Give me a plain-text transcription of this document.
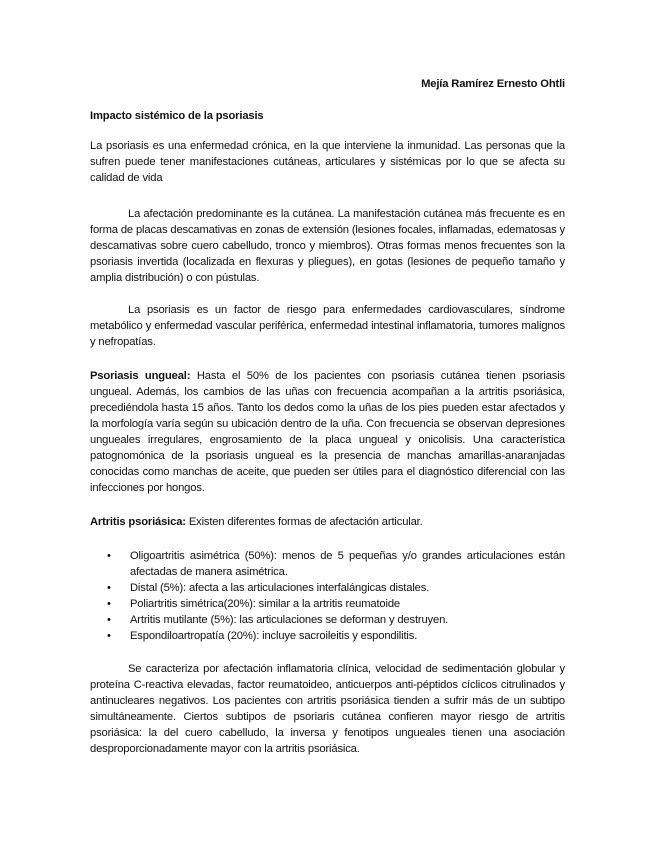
Mejía Ramírez Ernesto Ohtli

Impacto sistémico de la psoriasis

La psoriasis es una enfermedad crónica, en la que interviene la inmunidad. Las personas que la sufren puede tener manifestaciones cutáneas, articulares y sistémicas por lo que se afecta su calidad de vida

La afectación predominante es la cutánea. La manifestación cutánea más frecuente es en forma de placas descamativas en zonas de extensión (lesiones focales, inflamadas, edematosas y descamativas sobre cuero cabelludo, tronco y miembros). Otras formas menos frecuentes son la psoriasis invertida (localizada en flexuras y pliegues), en gotas (lesiones de pequeño tamaño y amplia distribución) o con pústulas.

La psoriasis es un factor de riesgo para enfermedades cardiovasculares, síndrome metabólico y enfermedad vascular periférica, enfermedad intestinal inflamatoria, tumores malignos y nefropatías.

Psoriasis ungueal: Hasta el 50% de los pacientes con psoriasis cutánea tienen psoriasis ungueal. Además, los cambios de las uñas con frecuencia acompañan a la artritis psoriásica, precediéndola hasta 15 años. Tanto los dedos como la uñas de los pies pueden estar afectados y la morfología varía según su ubicación dentro de la uña. Con frecuencia se observan depresiones ungueales irregulares, engrosamiento de la placa ungueal y onicolisis. Una característica patognomónica de la psoriasis ungueal es la presencia de manchas amarillas-anaranjadas conocidas como manchas de aceite, que pueden ser útiles para el diagnóstico diferencial con las infecciones por hongos.

Artritis psoriásica: Existen diferentes formas de afectación articular.

•	Oligoartritis asimétrica (50%): menos de 5 pequeñas y/o grandes articulaciones están afectadas de manera asimétrica.
•	Distal (5%): afecta a las articulaciones interfalángicas distales.
•	Poliartritis simétrica(20%): similar a la artritis reumatoide
•	Artritis mutilante (5%): las articulaciones se deforman y destruyen.
•	Espondiloartropatía (20%): incluye sacroileitis y espondilitis.

Se caracteriza por afectación inflamatoria clínica, velocidad de sedimentación globular y proteína C-reactiva elevadas, factor reumatoideo, anticuerpos anti-péptidos cíclicos citrulinados y antinucleares negativos. Los pacientes con artritis psoriásica tienden a sufrir más de un subtipo simultáneamente. Ciertos subtipos de psoriaris cutánea confieren mayor riesgo de artritis psoriásica: la del cuero cabelludo, la inversa y fenotipos ungueales tienen una asociación desproporcionadamente mayor con la artritis psoriásica.
